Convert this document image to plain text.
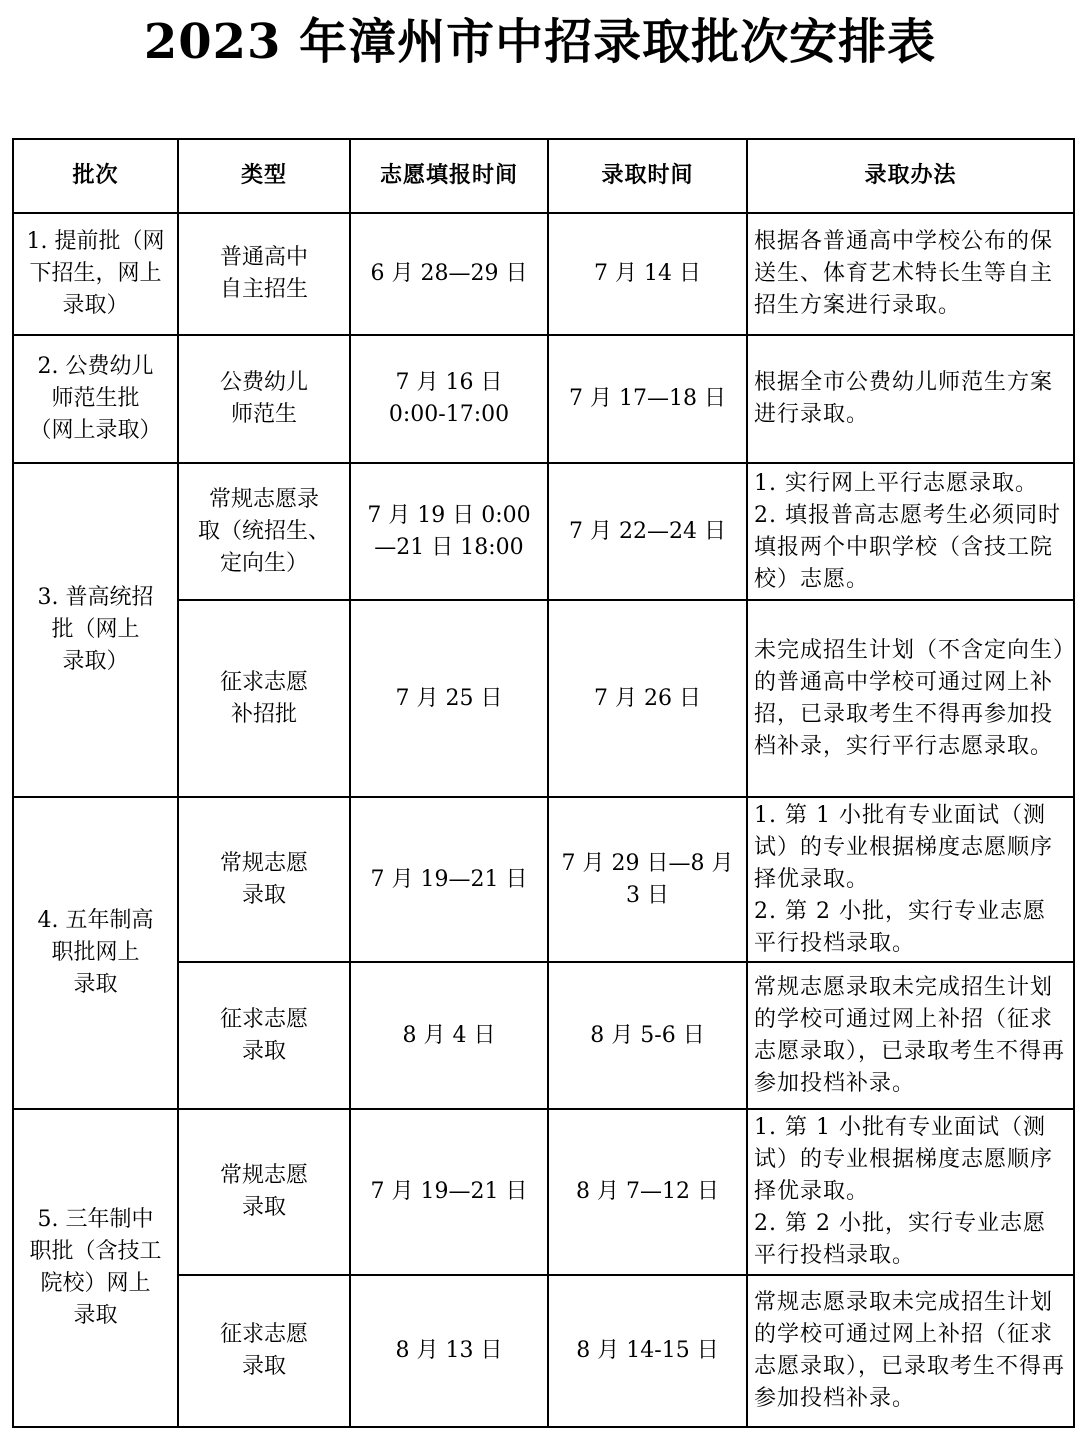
2023 年漳州市中招录取批次安排表
批次	类型	志愿填报时间	录取时间	录取办法

1. 提前批（网
下招生，网上
录取）	普通高中
自主招生	6 月 28—29 日	7 月 14 日	根据各普通高中学校公布的保送生、体育艺术特长生等自主招生方案进行录取。

2. 公费幼儿
师范生批
（网上录取）	公费幼儿
师范生	7 月 16 日
0:00-17:00	7 月 17—18 日	根据全市公费幼儿师范生方案进行录取。

3. 普高统招
批（网上
录取）	常规志愿录
取（统招生、
定向生）	7 月 19 日 0:00
—21 日 18:00	7 月 22—24 日	1. 实行网上平行志愿录取。
2. 填报普高志愿考生必须同时填报两个中职学校（含技工院校）志愿。

	征求志愿
补招批	7 月 25 日	7 月 26 日	未完成招生计划（不含定向生）的普通高中学校可通过网上补招，已录取考生不得再参加投档补录，实行平行志愿录取。

4. 五年制高
职批网上
录取	常规志愿
录取	7 月 19—21 日	7 月 29 日—8 月
3 日	1. 第 1 小批有专业面试（测试）的专业根据梯度志愿顺序择优录取。
2. 第 2 小批，实行专业志愿平行投档录取。

	征求志愿
录取	8 月 4 日	8 月 5-6 日	常规志愿录取未完成招生计划的学校可通过网上补招（征求志愿录取），已录取考生不得再参加投档补录。

5. 三年制中
职批（含技工
院校）网上
录取	常规志愿
录取	7 月 19—21 日	8 月 7—12 日	1. 第 1 小批有专业面试（测试）的专业根据梯度志愿顺序择优录取。
2. 第 2 小批，实行专业志愿平行投档录取。

	征求志愿
录取	8 月 13 日	8 月 14-15 日	常规志愿录取未完成招生计划的学校可通过网上补招（征求志愿录取），已录取考生不得再参加投档补录。
